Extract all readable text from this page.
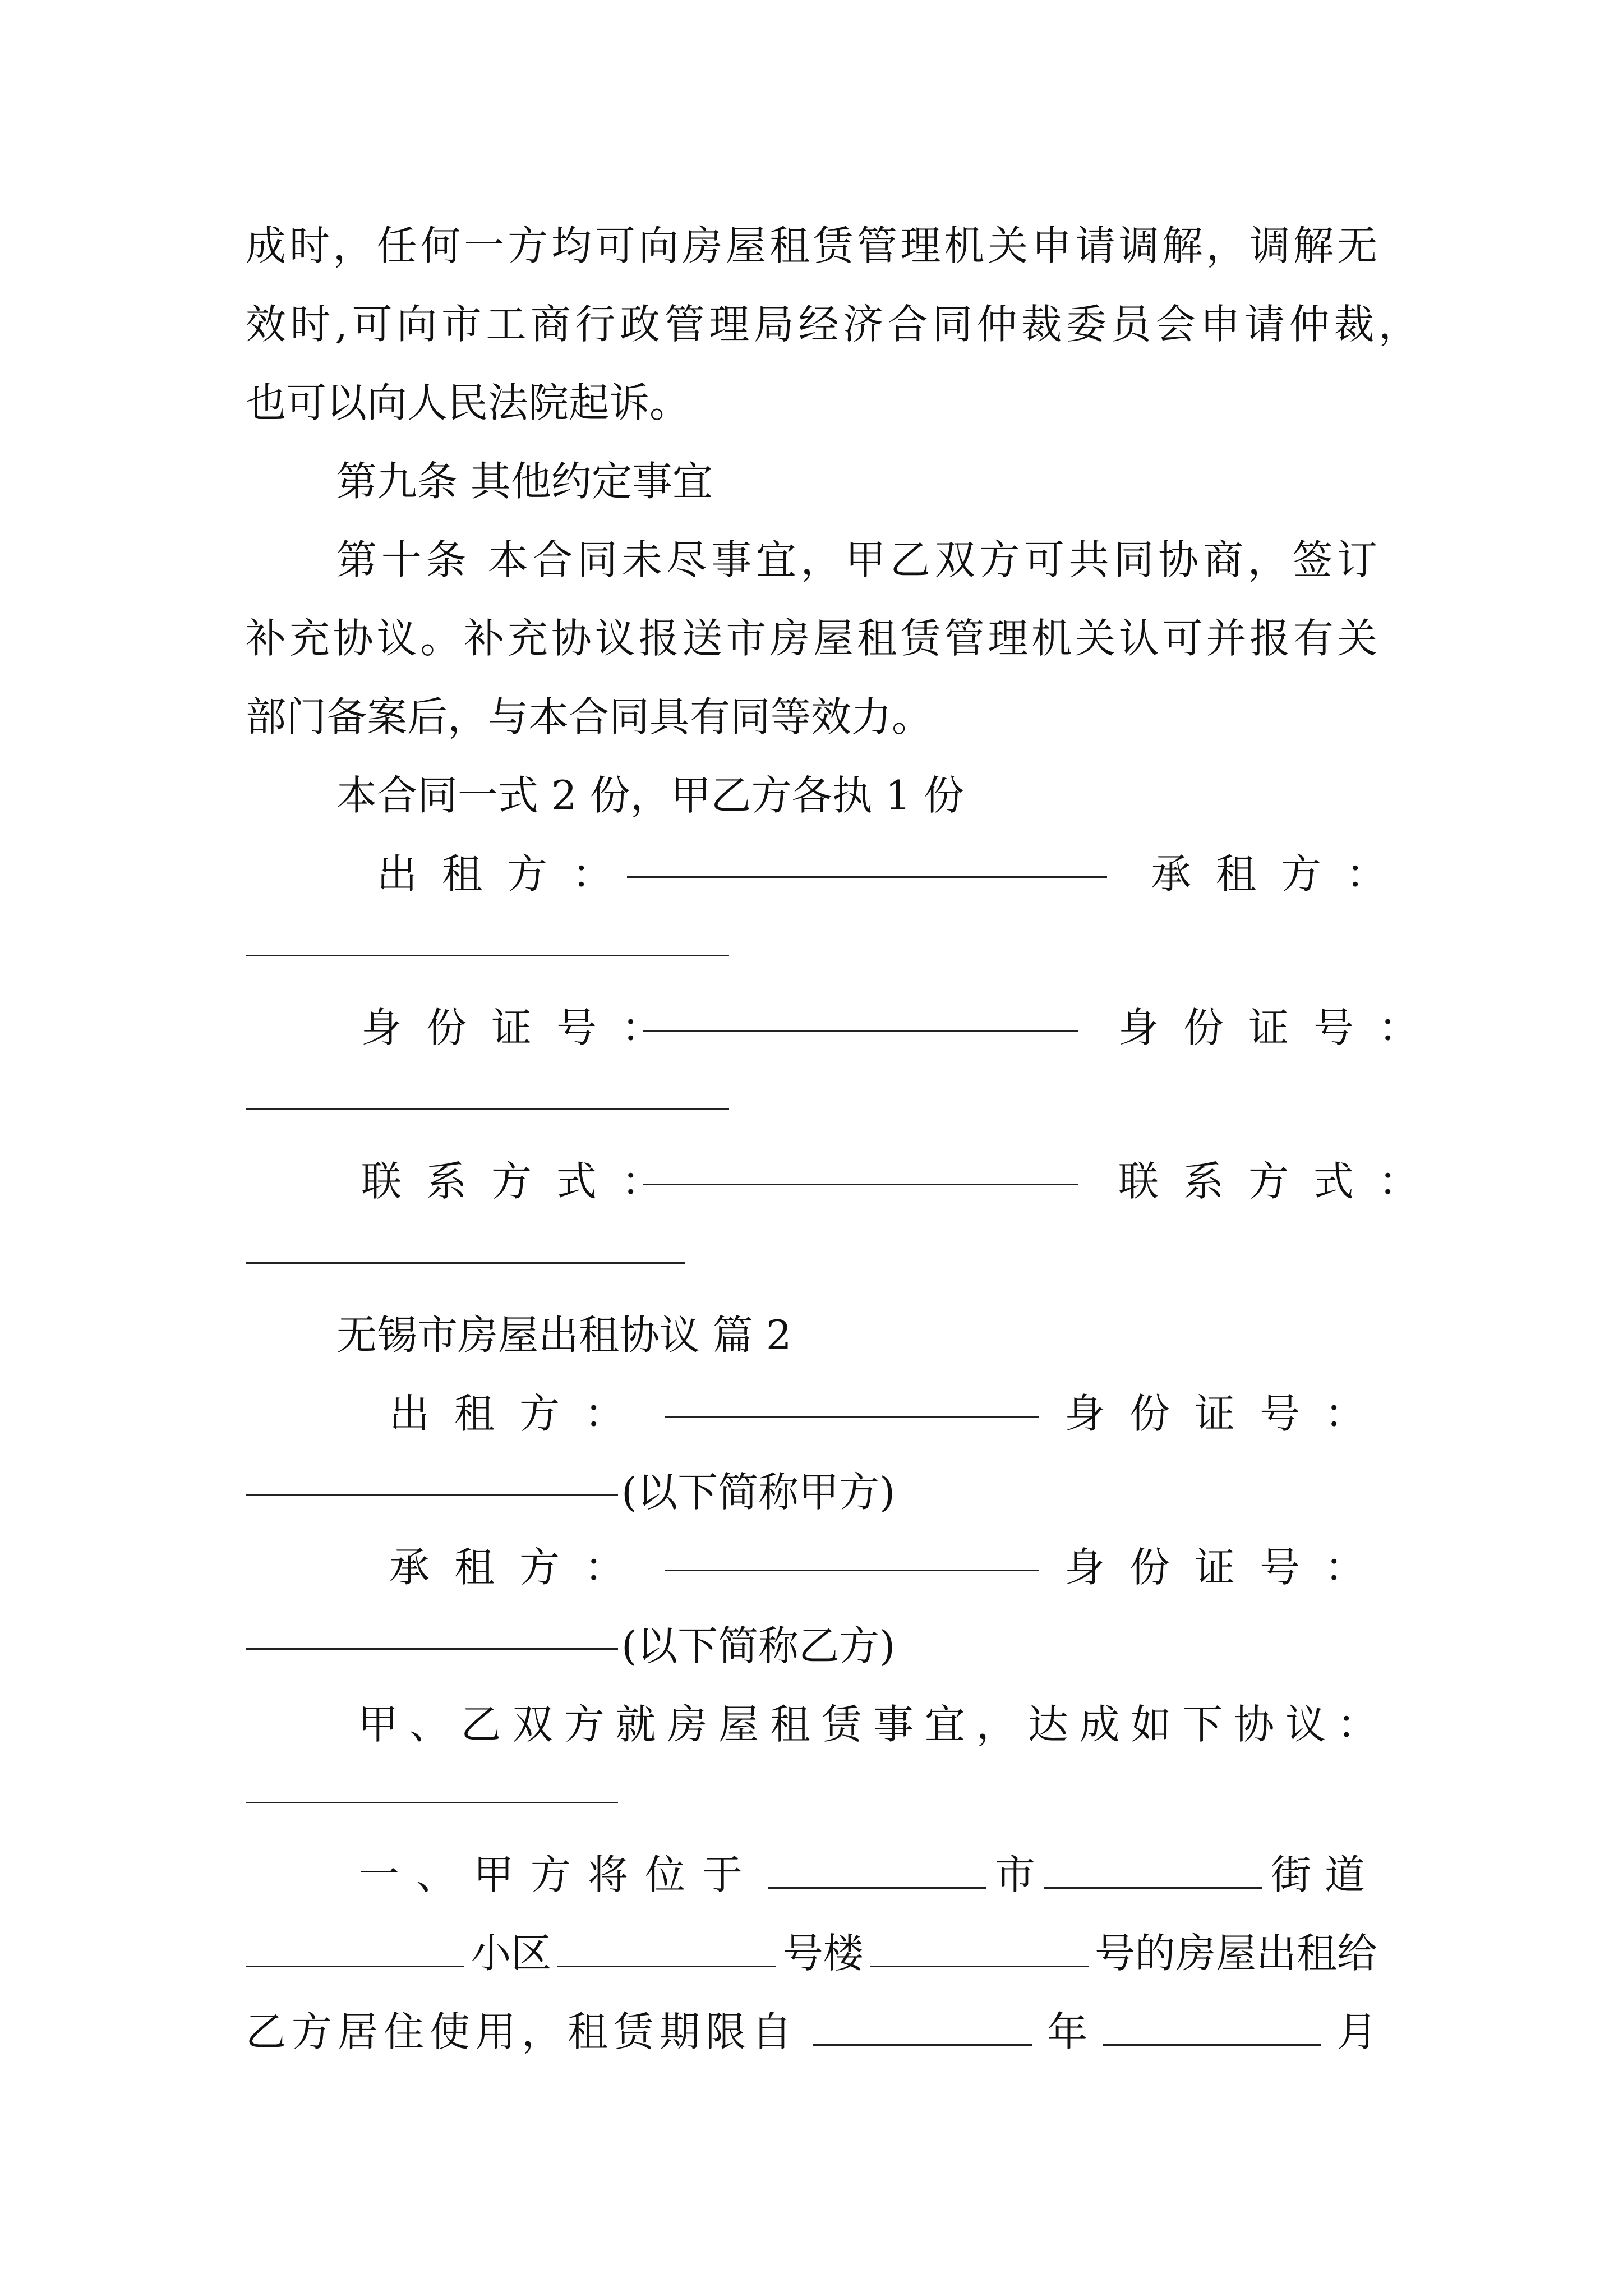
成时，任何一方均可向房屋租赁管理机关申请调解，调解无
效时,可向市工商行政管理局经济合同仲裁委员会申请仲裁，
也可以向人民法院起诉。
第九条 其他约定事宜
第十条 本合同未尽事宜，甲乙双方可共同协商，签订
补充协议。补充协议报送市房屋租赁管理机关认可并报有关
部门备案后，与本合同具有同等效力。
本合同一式 2 份，甲乙方各执 1 份
出租方：	承租方：
身份证号：	身份证号：
联系方式：	联系方式：
无锡市房屋出租协议 篇 2
出租方：	身份证号：
(以下简称甲方)
承租方：	身份证号：
(以下简称乙方)
甲、乙双方就房屋租赁事宜，达成如下协议：
一、甲方将位于	市	街道
小区	号楼	号的房屋出租给
乙方居住使用，租赁期限自	年	月
